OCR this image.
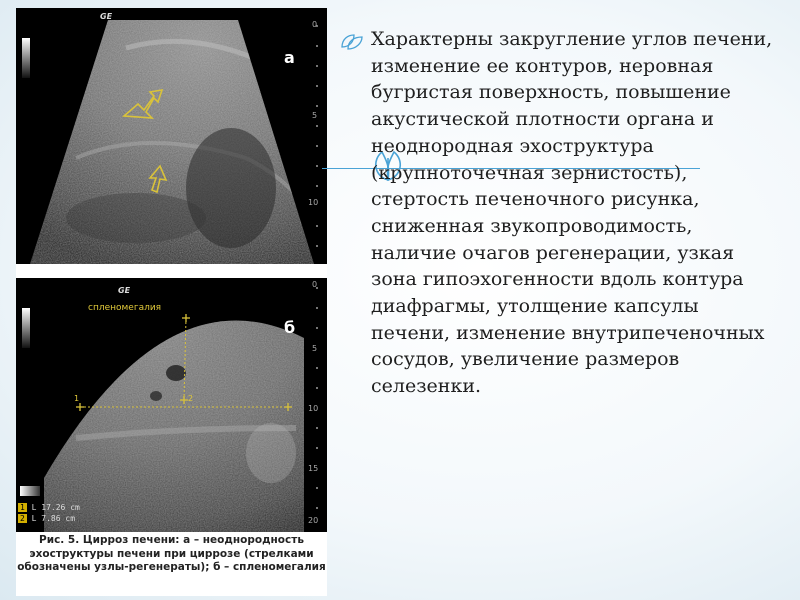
GE
а
0
5
10
GE
спленомегалия
б
1	2
0
5
10
15
20
1 L 17.26 cm
2 L 7.86 cm
Рис. 5. Цирроз печени: а – неоднородность эхоструктуры печени при циррозе (стрелками обозначены узлы-регенераты); б – спленомегалия

Характерны закругление углов печени, изменение ее контуров, неровная бугристая поверхность, повышение акустической плотности органа и неоднородная эхоструктура (крупноточечная зернистость), стертость печеночного рисунка, сниженная звукопроводимость, наличие очагов регенерации, узкая зона гипоэхогенности вдоль контура диафрагмы, утолщение капсулы печени, изменение внутрипеченочных сосудов, увеличение размеров селезенки.
